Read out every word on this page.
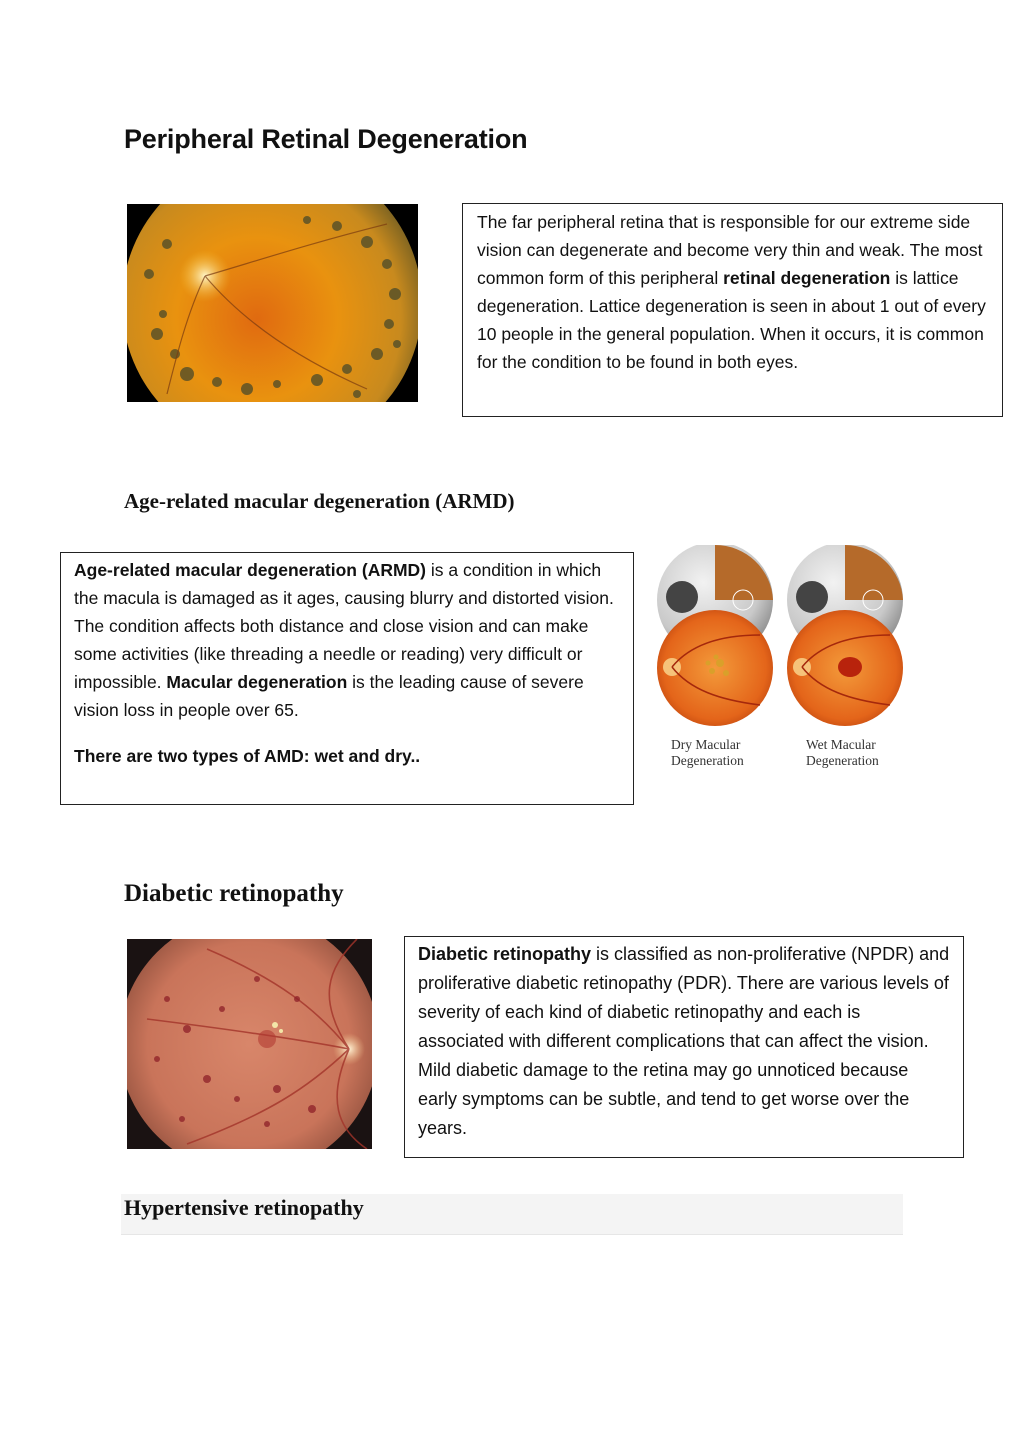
Peripheral Retinal Degeneration
The far peripheral retina that is responsible for our extreme side vision can degenerate and become very thin and weak. The most common form of this peripheral retinal degeneration is lattice degeneration. Lattice degeneration is seen in about 1 out of every 10 people in the general population. When it occurs, it is common for the condition to be found in both eyes.
Age-related macular degeneration (ARMD)
Age-related macular degeneration (ARMD) is a condition in which the macula is damaged as it ages, causing blurry and distorted vision. The condition affects both distance and close vision and can make some activities (like threading a needle or reading) very difficult or impossible. Macular degeneration is the leading cause of severe vision loss in people over 65.
There are two types of AMD: wet and dry..
Dry Macular
Degeneration
Wet Macular
Degeneration
Diabetic retinopathy
Diabetic retinopathy is classified as non-proliferative (NPDR) and proliferative diabetic retinopathy (PDR). There are various levels of severity of each kind of diabetic retinopathy and each is associated with different complications that can affect the vision. Mild diabetic damage to the retina may go unnoticed because early symptoms can be subtle, and tend to get worse over the years.
Hypertensive retinopathy
